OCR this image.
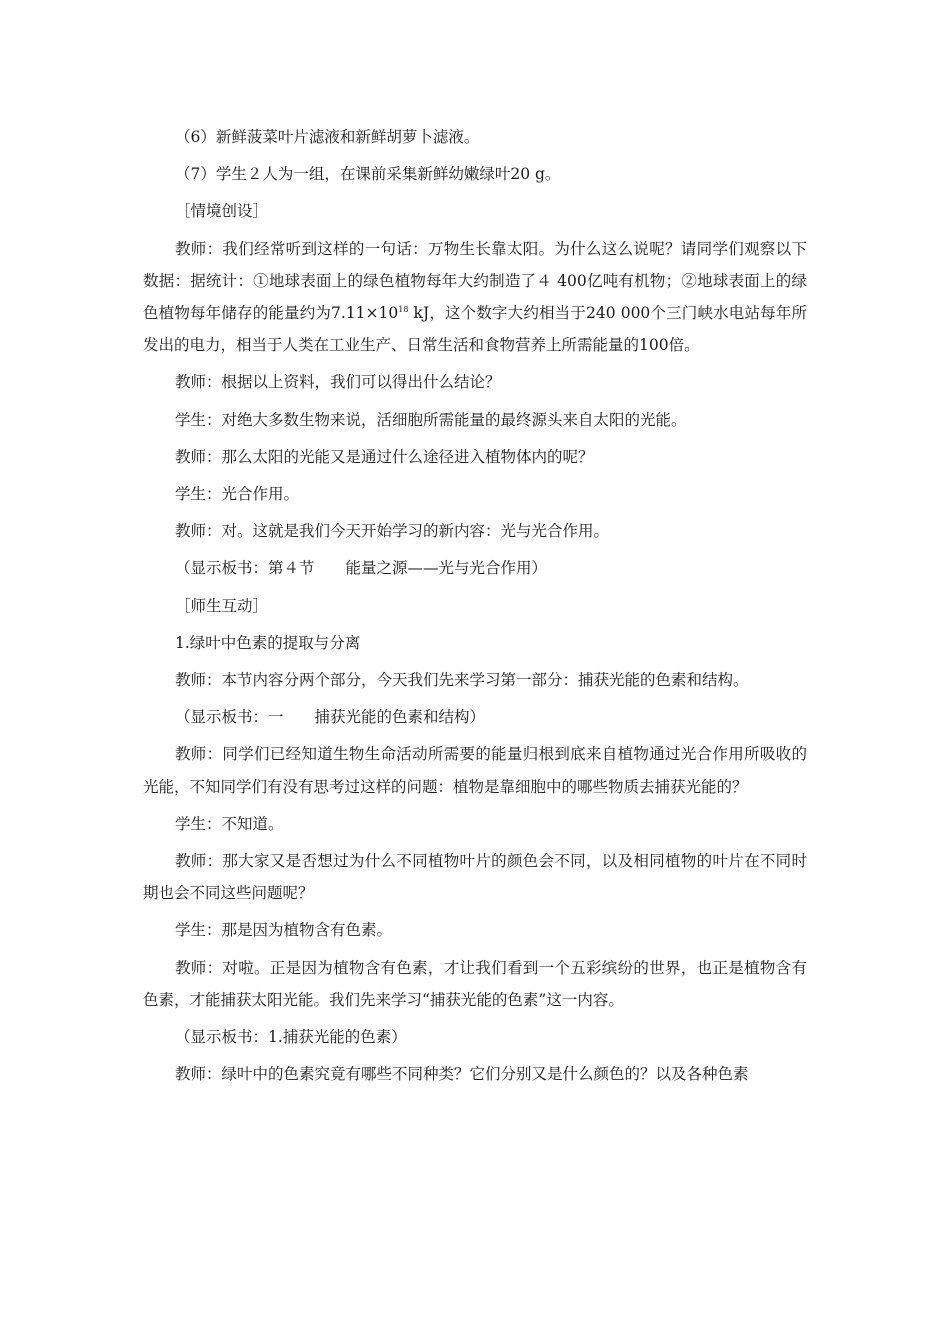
（6）新鲜菠菜叶片滤液和新鲜胡萝卜滤液。

（7）学生２人为一组，在课前采集新鲜幼嫩绿叶20 g。

［情境创设］

教师：我们经常听到这样的一句话：万物生长靠太阳。为什么这么说呢？请同学们观察以下数据：据统计：①地球表面上的绿色植物每年大约制造了４ 400亿吨有机物；②地球表面上的绿色植物每年储存的能量约为$7.11\times 10^{18}$ kJ，这个数字大约相当于240 000个三门峡水电站每年所发出的电力，相当于人类在工业生产、日常生活和食物营养上所需能量的100倍。

教师：根据以上资料，我们可以得出什么结论？

学生：对绝大多数生物来说，活细胞所需能量的最终源头来自太阳的光能。

教师：那么太阳的光能又是通过什么途径进入植物体内的呢？

学生：光合作用。

教师：对。这就是我们今天开始学习的新内容：光与光合作用。

（显示板书：第４节　　能量之源——光与光合作用）

［师生互动］

1.绿叶中色素的提取与分离

教师：本节内容分两个部分，今天我们先来学习第一部分：捕获光能的色素和结构。

（显示板书：一　　捕获光能的色素和结构）

教师：同学们已经知道生物生命活动所需要的能量归根到底来自植物通过光合作用所吸收的光能，不知同学们有没有思考过这样的问题：植物是靠细胞中的哪些物质去捕获光能的？

学生：不知道。

教师：那大家又是否想过为什么不同植物叶片的颜色会不同，以及相同植物的叶片在不同时期也会不同这些问题呢？

学生：那是因为植物含有色素。

教师：对啦。正是因为植物含有色素，才让我们看到一个五彩缤纷的世界，也正是植物含有色素，才能捕获太阳光能。我们先来学习“捕获光能的色素”这一内容。

（显示板书：1.捕获光能的色素）

教师：绿叶中的色素究竟有哪些不同种类？它们分别又是什么颜色的？以及各种色素
